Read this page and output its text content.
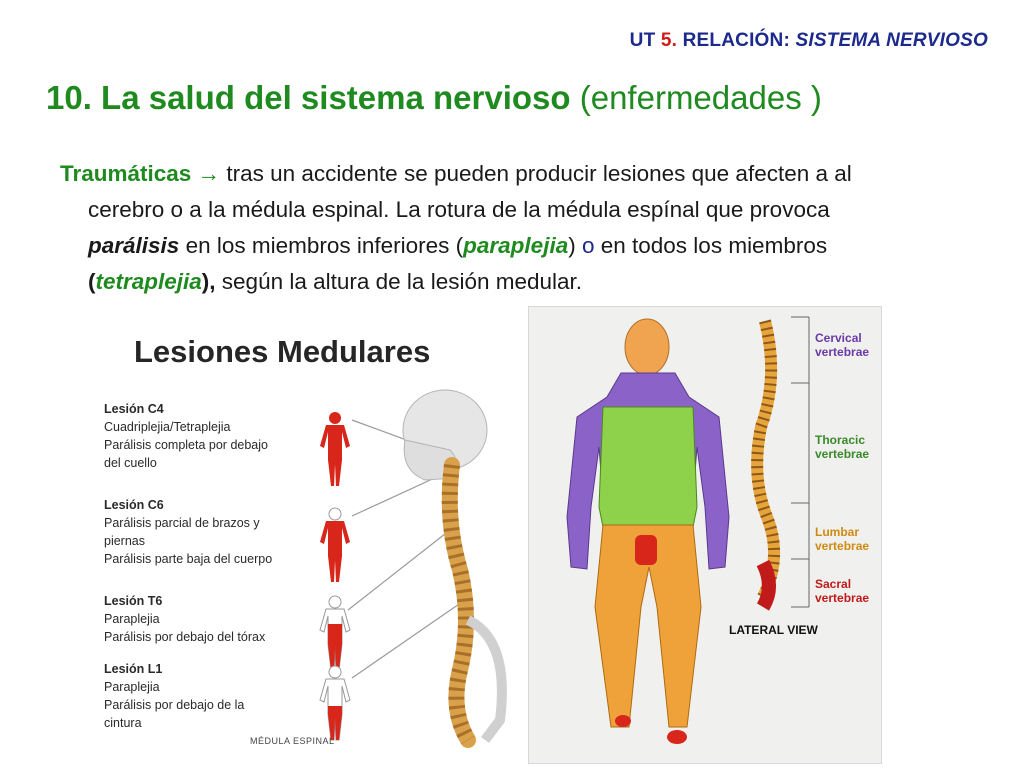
UT 5. RELACIÓN: SISTEMA NERVIOSO
10. La salud del sistema nervioso (enfermedades )
Traumáticas → tras un accidente se pueden producir lesiones que afecten a al
cerebro o a la médula espinal. La rotura de la médula espínal que provoca
parálisis en los miembros inferiores (paraplejia) o en todos los miembros
(tetraplejia), según la altura de la lesión medular.
Lesiones Medulares
Lesión C4
Cuadriplejia/Tetraplejia
Parálisis completa por debajo
del cuello
Lesión C6
Parálisis parcial de brazos y
piernas
Parálisis parte baja del cuerpo
Lesión T6
Paraplejia
Parálisis por debajo del tórax
Lesión L1
Paraplejia
Parálisis por debajo de la
cintura
MÉDULA ESPINAL
Cervical
vertebrae
Thoracic
vertebrae
Lumbar
vertebrae
Sacral
vertebrae
LATERAL VIEW
